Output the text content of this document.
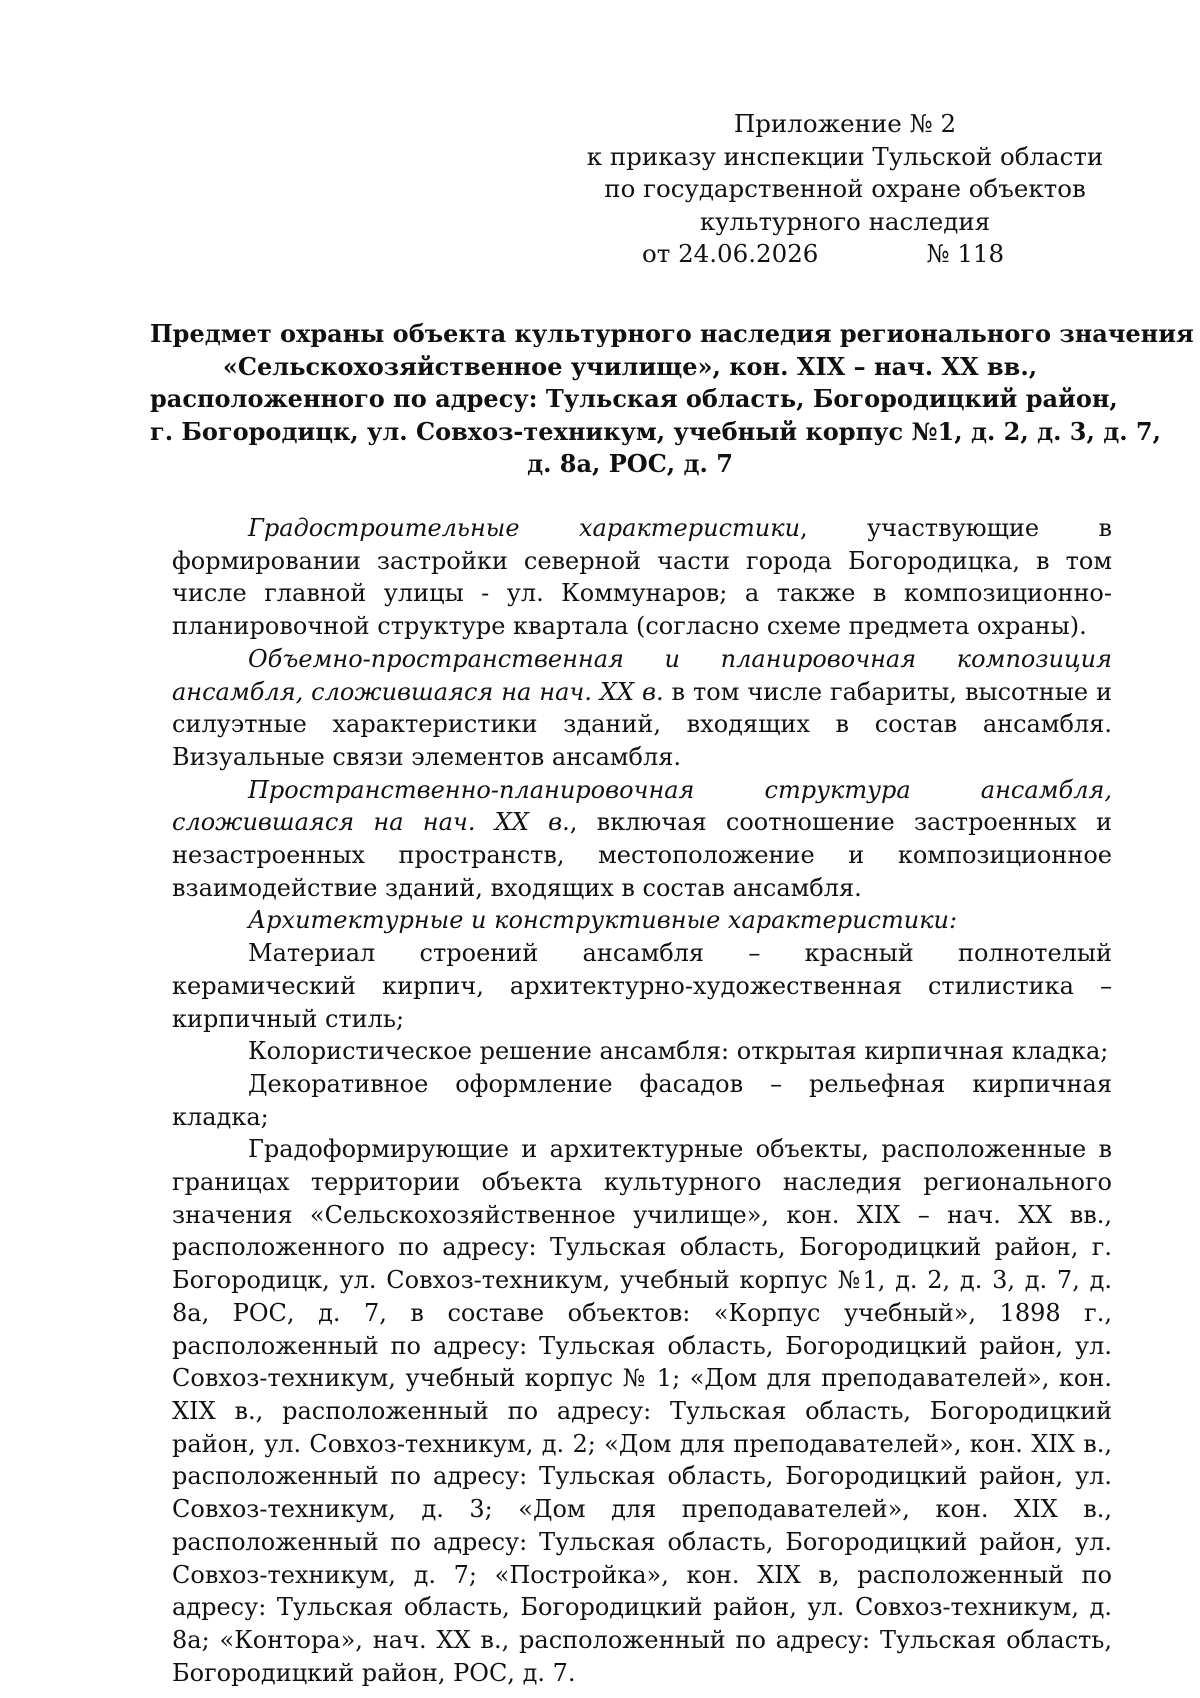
Приложение № 2
к приказу инспекции Тульской области
по государственной охране объектов
культурного наследия
от 24.06.2026	№ 118
Предмет охраны объекта культурного наследия регионального значения
«Сельскохозяйственное училище», кон. XIX – нач. XX вв.,
расположенного по адресу: Тульская область, Богородицкий район,
г. Богородицк, ул. Совхоз-техникум, учебный корпус №1, д. 2, д. 3, д. 7,
д. 8а, РОС, д. 7

Градостроительные характеристики, участвующие в формировании застройки северной части города Богородицка, в том числе главной улицы - ул. Коммунаров; а также в композиционно-планировочной структуре квартала (согласно схеме предмета охраны).

Объемно-пространственная и планировочная композиция ансамбля, сложившаяся на нач. XX в. в том числе габариты, высотные и силуэтные характеристики зданий, входящих в состав ансамбля. Визуальные связи элементов ансамбля.

Пространственно-планировочная структура ансамбля, сложившаяся на нач. XX в., включая соотношение застроенных и незастроенных пространств, местоположение и композиционное взаимодействие зданий, входящих в состав ансамбля.

Архитектурные и конструктивные характеристики:

Материал строений ансамбля – красный полнотелый керамический кирпич, архитектурно-художественная стилистика – кирпичный стиль;

Колористическое решение ансамбля: открытая кирпичная кладка;

Декоративное оформление фасадов – рельефная кирпичная кладка;

Градоформирующие и архитектурные объекты, расположенные в границах территории объекта культурного наследия регионального значения «Сельскохозяйственное училище», кон. XIX – нач. XX вв., расположенного по адресу: Тульская область, Богородицкий район, г. Богородицк, ул. Совхоз-техникум, учебный корпус №1, д. 2, д. 3, д. 7, д. 8а, РОС, д. 7, в составе объектов: «Корпус учебный», 1898 г., расположенный по адресу: Тульская область, Богородицкий район, ул. Совхоз-техникум, учебный корпус № 1; «Дом для преподавателей», кон. XIX в., расположенный по адресу: Тульская область, Богородицкий район, ул. Совхоз-техникум, д. 2; «Дом для преподавателей», кон. XIX в., расположенный по адресу: Тульская область, Богородицкий район, ул. Совхоз-техникум, д. 3; «Дом для преподавателей», кон. XIX в., расположенный по адресу: Тульская область, Богородицкий район, ул. Совхоз-техникум, д. 7; «Постройка», кон. XIX в, расположенный по адресу: Тульская область, Богородицкий район, ул. Совхоз-техникум, д. 8а; «Контора», нач. XX в., расположенный по адресу: Тульская область, Богородицкий район, РОС, д. 7.
